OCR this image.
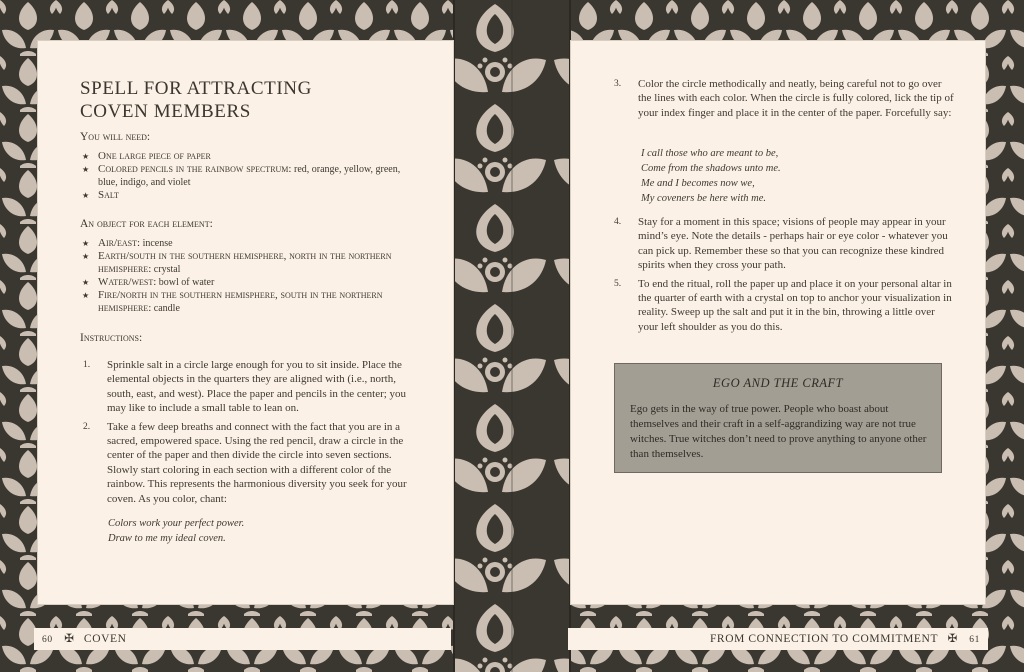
SPELL FOR ATTRACTING
COVEN MEMBERS
You will need:
★ One large piece of paper
★ Colored pencils in the rainbow spectrum: red, orange, yellow, green, blue, indigo, and violet
★ Salt
An object for each element:
★ Air/east: incense
★ Earth/south in the southern hemisphere, north in the northern hemisphere: crystal
★ Water/west: bowl of water
★ Fire/north in the southern hemisphere, south in the northern hemisphere: candle
Instructions:
1. Sprinkle salt in a circle large enough for you to sit inside. Place the elemental objects in the quarters they are aligned with (i.e., north, south, east, and west). Place the paper and pencils in the center; you may like to include a small table to lean on.
2. Take a few deep breaths and connect with the fact that you are in a sacred, empowered space. Using the red pencil, draw a circle in the center of the paper and then divide the circle into seven sections. Slowly start coloring in each section with a different color of the rainbow. This represents the harmonious diversity you seek for your coven. As you color, chant:
Colors work your perfect power.
Draw to me my ideal coven.
3. Color the circle methodically and neatly, being careful not to go over the lines with each color. When the circle is fully colored, lick the tip of your index finger and place it in the center of the paper. Forcefully say:
I call those who are meant to be,
Come from the shadows unto me.
Me and I becomes now we,
My coveners be here with me.
4. Stay for a moment in this space; visions of people may appear in your mind’s eye. Note the details - perhaps hair or eye color - whatever you can pick up. Remember these so that you can recognize these kindred spirits when they cross your path.
5. To end the ritual, roll the paper up and place it on your personal altar in the quarter of earth with a crystal on top to anchor your visualization in reality. Sweep up the salt and put it in the bin, throwing a little over your left shoulder as you do this.
EGO AND THE CRAFT
Ego gets in the way of true power. People who boast about themselves and their craft in a self-aggrandizing way are not true witches. True witches don’t need to prove anything to anyone other than themselves.
60 ✠ COVEN	FROM CONNECTION TO COMMITMENT ✠ 61
